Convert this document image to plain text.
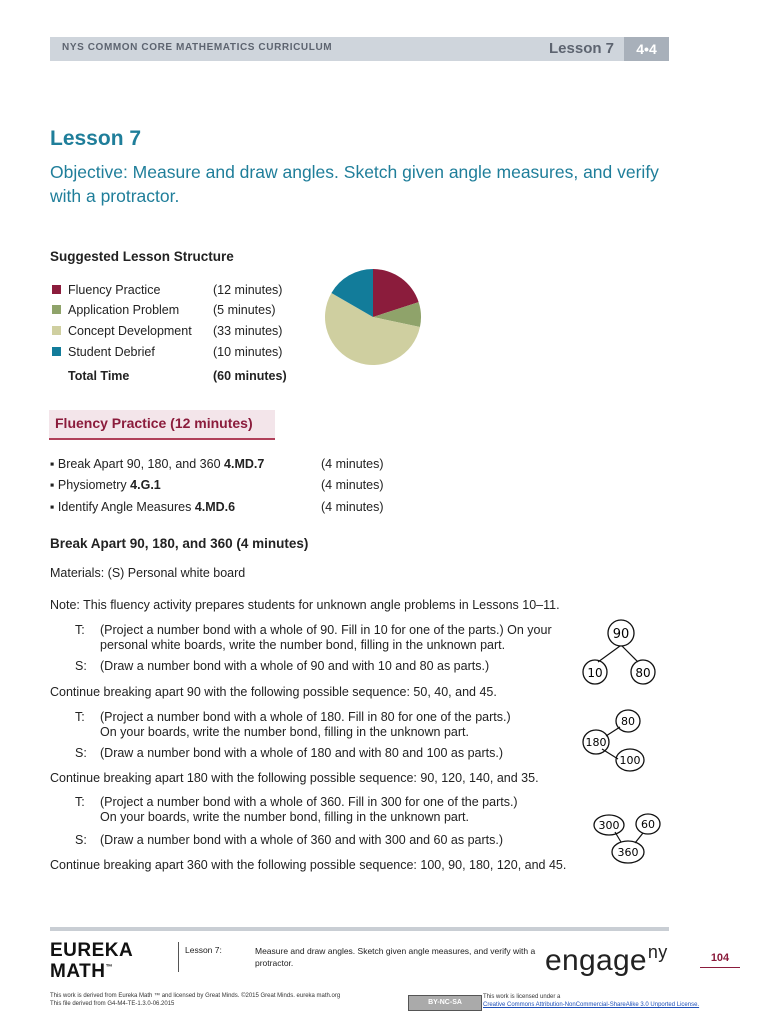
NYS COMMON CORE MATHEMATICS CURRICULUM	Lesson 7	4•4
Lesson 7
Objective: Measure and draw angles. Sketch given angle measures, and verify with a protractor.
Suggested Lesson Structure
Fluency Practice	(12 minutes)
Application Problem	(5 minutes)
Concept Development (33 minutes)
Student Debrief	(10 minutes)
Total Time	(60 minutes)
Fluency Practice (12 minutes)
▪ Break Apart 90, 180, and 360 4.MD.7	(4 minutes)
▪ Physiometry 4.G.1	(4 minutes)
▪ Identify Angle Measures 4.MD.6	(4 minutes)
Break Apart 90, 180, and 360 (4 minutes)
Materials: (S) Personal white board
Note: This fluency activity prepares students for unknown angle problems in Lessons 10–11.
T: (Project a number bond with a whole of 90. Fill in 10 for one of the parts.) On your
personal white boards, write the number bond, filling in the unknown part.
S: (Draw a number bond with a whole of 90 and with 10 and 80 as parts.)
Continue breaking apart 90 with the following possible sequence: 50, 40, and 45.
T: (Project a number bond with a whole of 180. Fill in 80 for one of the parts.)
On your boards, write the number bond, filling in the unknown part.
S: (Draw a number bond with a whole of 180 and with 80 and 100 as parts.)
Continue breaking apart 180 with the following possible sequence: 90, 120, 140, and 35.
T: (Project a number bond with a whole of 360. Fill in 300 for one of the parts.)
On your boards, write the number bond, filling in the unknown part.
S: (Draw a number bond with a whole of 360 and with 300 and 60 as parts.)
Continue breaking apart 360 with the following possible sequence: 100, 90, 180, 120, and 45.
90
10	80
80
180
100
300 60
360
EUREKA
MATH™
Lesson 7:	Measure and draw angles. Sketch given angle measures, and verify with a protractor.	engage$^{ny}$	104
This work is derived from Eureka Math ™ and licensed by Great Minds. ©2015 Great Minds. eureka math.org
This file derived from G4-M4-TE-1.3.0-06.2015	BY-NC-SA
This work is licensed under a
Creative Commons Attribution-NonCommercial-ShareAlike 3.0 Unported License.
